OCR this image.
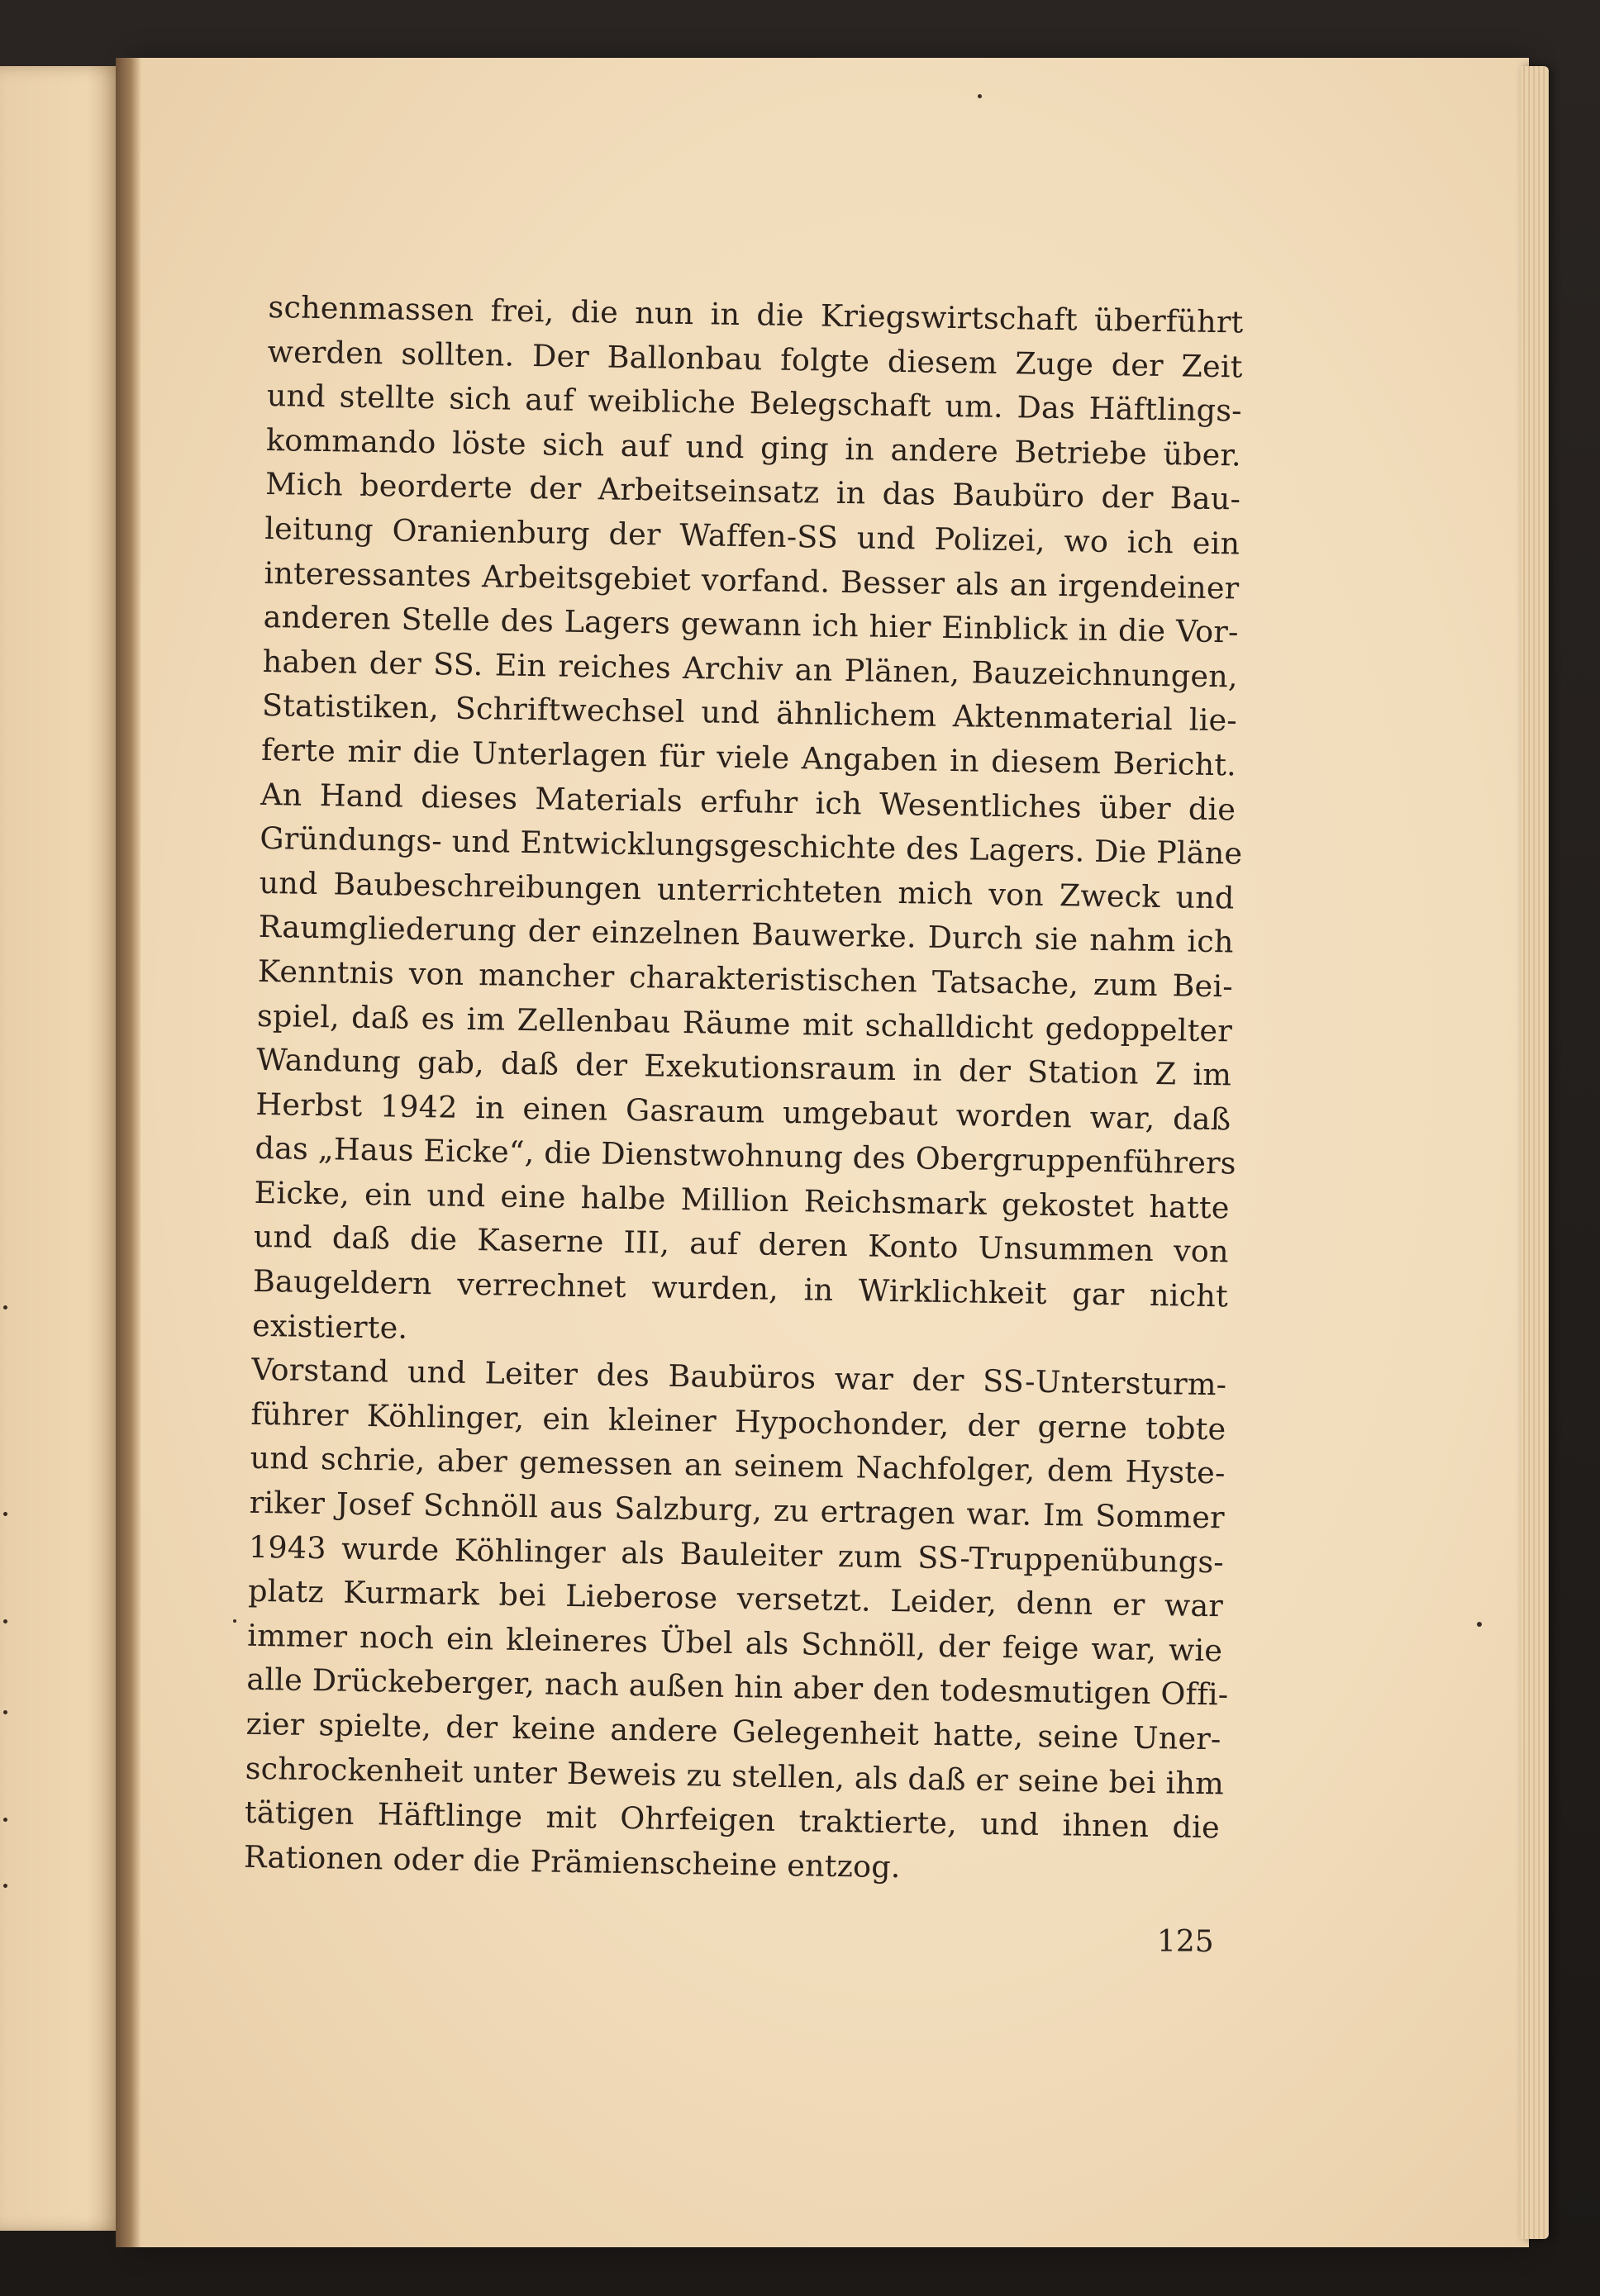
schenmassen frei, die nun in die Kriegswirtschaft überführt
werden sollten. Der Ballonbau folgte diesem Zuge der Zeit
und stellte sich auf weibliche Belegschaft um. Das Häftlings-
kommando löste sich auf und ging in andere Betriebe über.
Mich beorderte der Arbeitseinsatz in das Baubüro der Bau-
leitung Oranienburg der Waffen-SS und Polizei, wo ich ein
interessantes Arbeitsgebiet vorfand. Besser als an irgendeiner
anderen Stelle des Lagers gewann ich hier Einblick in die Vor-
haben der SS. Ein reiches Archiv an Plänen, Bauzeichnungen,
Statistiken, Schriftwechsel und ähnlichem Aktenmaterial lie-
ferte mir die Unterlagen für viele Angaben in diesem Bericht.
An Hand dieses Materials erfuhr ich Wesentliches über die
Gründungs- und Entwicklungsgeschichte des Lagers. Die Pläne
und Baubeschreibungen unterrichteten mich von Zweck und
Raumgliederung der einzelnen Bauwerke. Durch sie nahm ich
Kenntnis von mancher charakteristischen Tatsache, zum Bei-
spiel, daß es im Zellenbau Räume mit schalldicht gedoppelter
Wandung gab, daß der Exekutionsraum in der Station Z im
Herbst 1942 in einen Gasraum umgebaut worden war, daß
das „Haus Eicke“, die Dienstwohnung des Obergruppenführers
Eicke, ein und eine halbe Million Reichsmark gekostet hatte
und daß die Kaserne III, auf deren Konto Unsummen von
Baugeldern verrechnet wurden, in Wirklichkeit gar nicht
existierte.
Vorstand und Leiter des Baubüros war der SS-Untersturm-
führer Köhlinger, ein kleiner Hypochonder, der gerne tobte
und schrie, aber gemessen an seinem Nachfolger, dem Hyste-
riker Josef Schnöll aus Salzburg, zu ertragen war. Im Sommer
1943 wurde Köhlinger als Bauleiter zum SS-Truppenübungs-
platz Kurmark bei Lieberose versetzt. Leider, denn er war
immer noch ein kleineres Übel als Schnöll, der feige war, wie
alle Drückeberger, nach außen hin aber den todesmutigen Offi-
zier spielte, der keine andere Gelegenheit hatte, seine Uner-
schrockenheit unter Beweis zu stellen, als daß er seine bei ihm
tätigen Häftlinge mit Ohrfeigen traktierte, und ihnen die
Rationen oder die Prämienscheine entzog.
125
